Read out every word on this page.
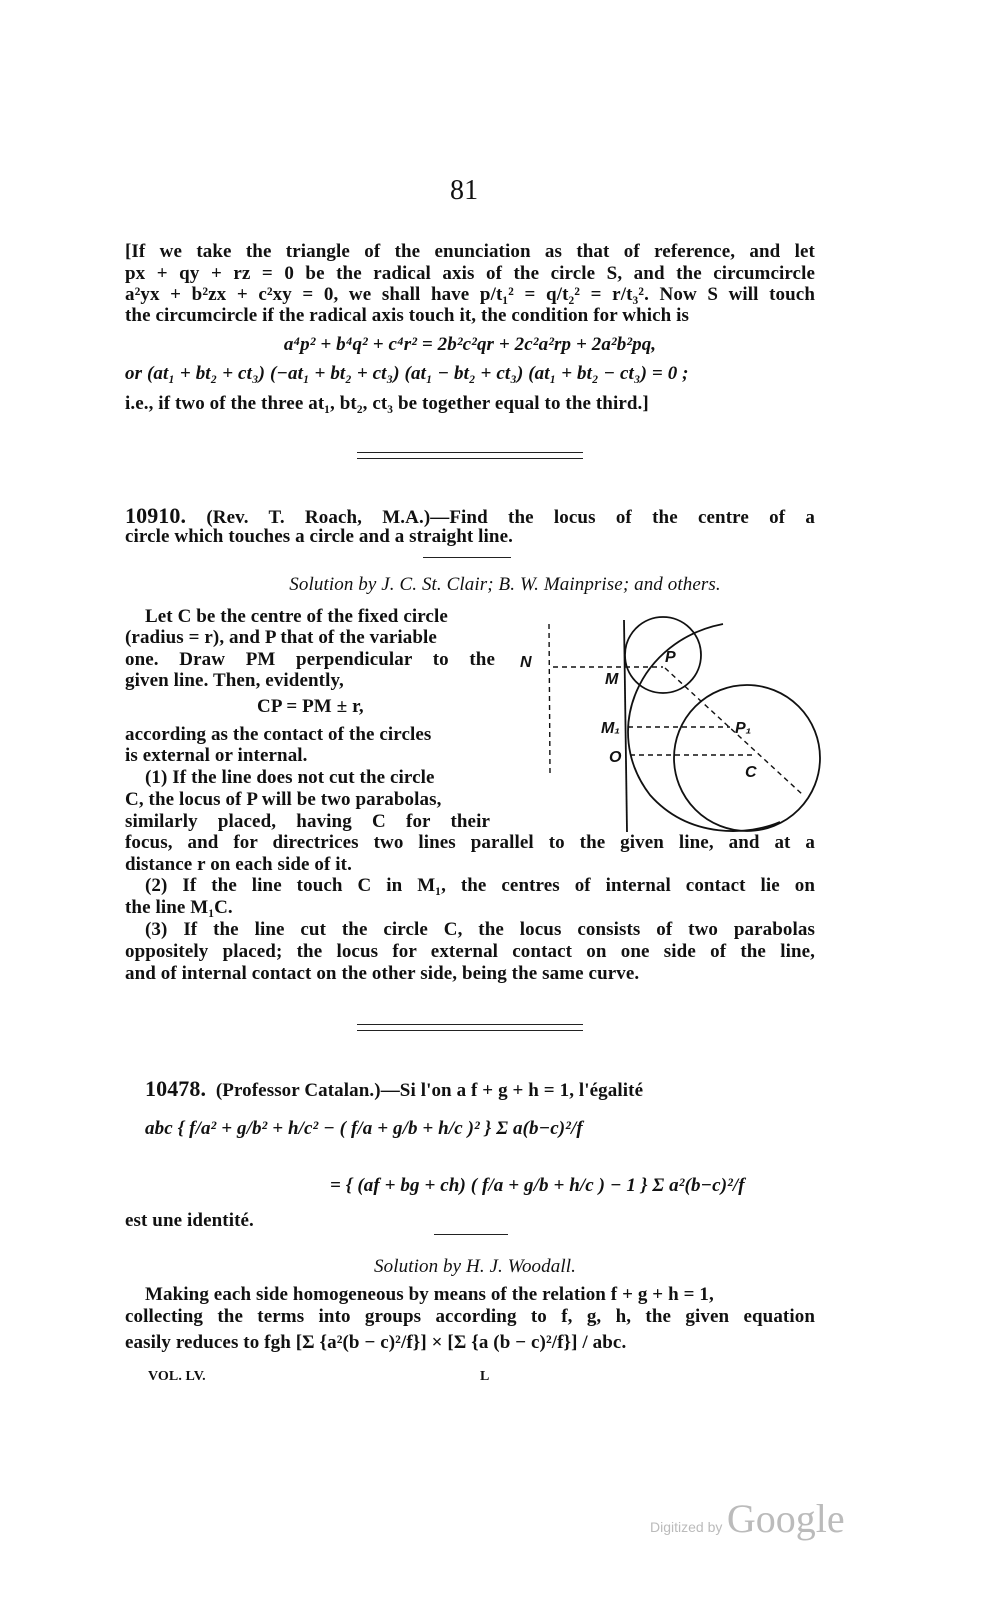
81
[If we take the triangle of the enunciation as that of reference, and let
px + qy + rz = 0 be the radical axis of the circle S, and the circumcircle
a²yx + b²zx + c²xy = 0, we shall have p/t₁² = q/t₂² = r/t₃². Now S will touch
the circumcircle if the radical axis touch it, the condition for which is
a⁴p² + b⁴q² + c⁴r² = 2b²c²qr + 2c²a²rp + 2a²b²pq,
or (at₁ + bt₂ + ct₃) (−at₁ + bt₂ + ct₃) (at₁ − bt₂ + ct₃) (at₁ + bt₂ − ct₃) = 0 ;
i.e., if two of the three at₁, bt₂, ct₃ be together equal to the third.]
10910. (Rev. T. Roach, M.A.)—Find the locus of the centre of a
circle which touches a circle and a straight line.
Solution by J. C. St. Clair; B. W. Mainprise; and others.
Let C be the centre of the fixed circle
(radius = r), and P that of the variable
one. Draw PM perpendicular to the
given line. Then, evidently,
CP = PM ± r,
according as the contact of the circles
is external or internal.
(1) If the line does not cut the circle
C, the locus of P will be two parabolas,
similarly placed, having C for their
focus, and for directrices two lines parallel to the given line, and at a
distance r on each side of it.
(2) If the line touch C in M₁, the centres of internal contact lie on
the line M₁C.
(3) If the line cut the circle C, the locus consists of two parabolas
oppositely placed; the locus for external contact on one side of the line,
and of internal contact on the other side, being the same curve.
N
M
P
M₁	P₁
O
C
10478. (Professor Catalan.)—Si l'on a f + g + h = 1, l'égalité
abc { f/a² + g/b² + h/c² − ( f/a + g/b + h/c )² } Σ a(b−c)²/f
= { (af + bg + ch) ( f/a + g/b + h/c ) − 1 } Σ a²(b−c)²/f
est une identité.
Solution by H. J. Woodall.
Making each side homogeneous by means of the relation f + g + h = 1,
collecting the terms into groups according to f, g, h, the given equation
easily reduces to fgh [Σ {a²(b − c)²/f}] × [Σ {a (b − c)²/f}] / abc.
VOL. LV.	L
Digitized by Google
